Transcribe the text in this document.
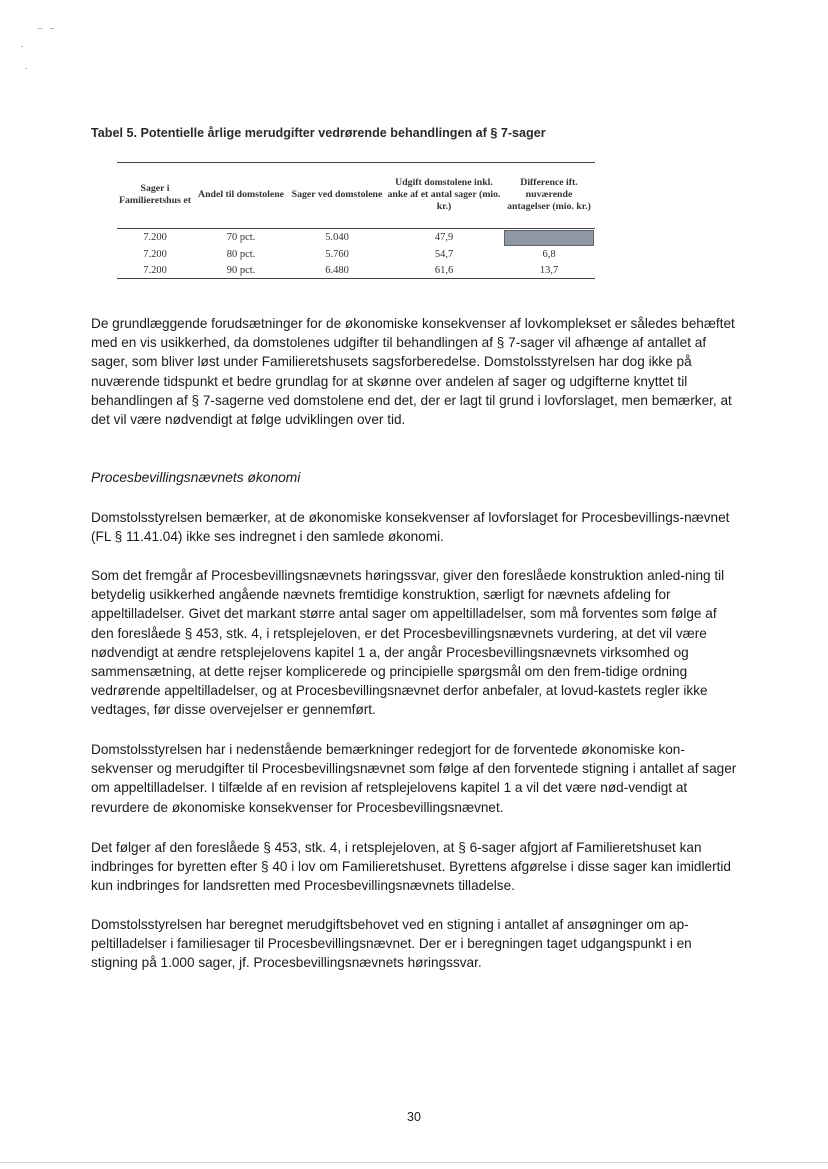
Tabel 5. Potentielle årlige merudgifter vedrørende behandlingen af § 7-sager
Sager i Familieretshus et	Andel til domstolene	Sager ved domstolene	Udgift domstolene inkl. anke af et antal sager (mio. kr.)	Difference ift. nuværende antagelser (mio. kr.)
7.200	70 pct.	5.040	47,9	

7.200	80 pct.	5.760	54,7	6,8
7.200	90 pct.	6.480	61,6	13,7

De grundlæggende forudsætninger for de økonomiske konsekvenser af lovkomplekset er således behæftet med en vis usikkerhed, da domstolenes udgifter til behandlingen af § 7-sager vil afhænge af antallet af sager, som bliver løst under Familieretshusets sagsforberedelse. Domstolsstyrelsen har dog ikke på nuværende tidspunkt et bedre grundlag for at skønne over andelen af sager og udgifterne knyttet til behandlingen af § 7-sagerne ved domstolene end det, der er lagt til grund i lovforslaget, men bemærker, at det vil være nødvendigt at følge udviklingen over tid.

Procesbevillingsnævnets økonomi

Domstolsstyrelsen bemærker, at de økonomiske konsekvenser af lovforslaget for Procesbevillings-nævnet (FL § 11.41.04) ikke ses indregnet i den samlede økonomi.

Som det fremgår af Procesbevillingsnævnets høringssvar, giver den foreslåede konstruktion anled-ning til betydelig usikkerhed angående nævnets fremtidige konstruktion, særligt for nævnets afdeling for appeltilladelser. Givet det markant større antal sager om appeltilladelser, som må forventes som følge af den foreslåede § 453, stk. 4, i retsplejeloven, er det Procesbevillingsnævnets vurdering, at det vil være nødvendigt at ændre retsplejelovens kapitel 1 a, der angår Procesbevillingsnævnets virksomhed og sammensætning, at dette rejser komplicerede og principielle spørgsmål om den frem-tidige ordning vedrørende appeltilladelser, og at Procesbevillingsnævnet derfor anbefaler, at lovud-kastets regler ikke vedtages, før disse overvejelser er gennemført.

Domstolsstyrelsen har i nedenstående bemærkninger redegjort for de forventede økonomiske kon-sekvenser og merudgifter til Procesbevillingsnævnet som følge af den forventede stigning i antallet af sager om appeltilladelser. I tilfælde af en revision af retsplejelovens kapitel 1 a vil det være nød-vendigt at revurdere de økonomiske konsekvenser for Procesbevillingsnævnet.

Det følger af den foreslåede § 453, stk. 4, i retsplejeloven, at § 6-sager afgjort af Familieretshuset kan indbringes for byretten efter § 40 i lov om Familieretshuset. Byrettens afgørelse i disse sager kan imidlertid kun indbringes for landsretten med Procesbevillingsnævnets tilladelse.

Domstolsstyrelsen har beregnet merudgiftsbehovet ved en stigning i antallet af ansøgninger om ap-peltilladelser i familiesager til Procesbevillingsnævnet. Der er i beregningen taget udgangspunkt i en stigning på 1.000 sager, jf. Procesbevillingsnævnets høringssvar.

30
